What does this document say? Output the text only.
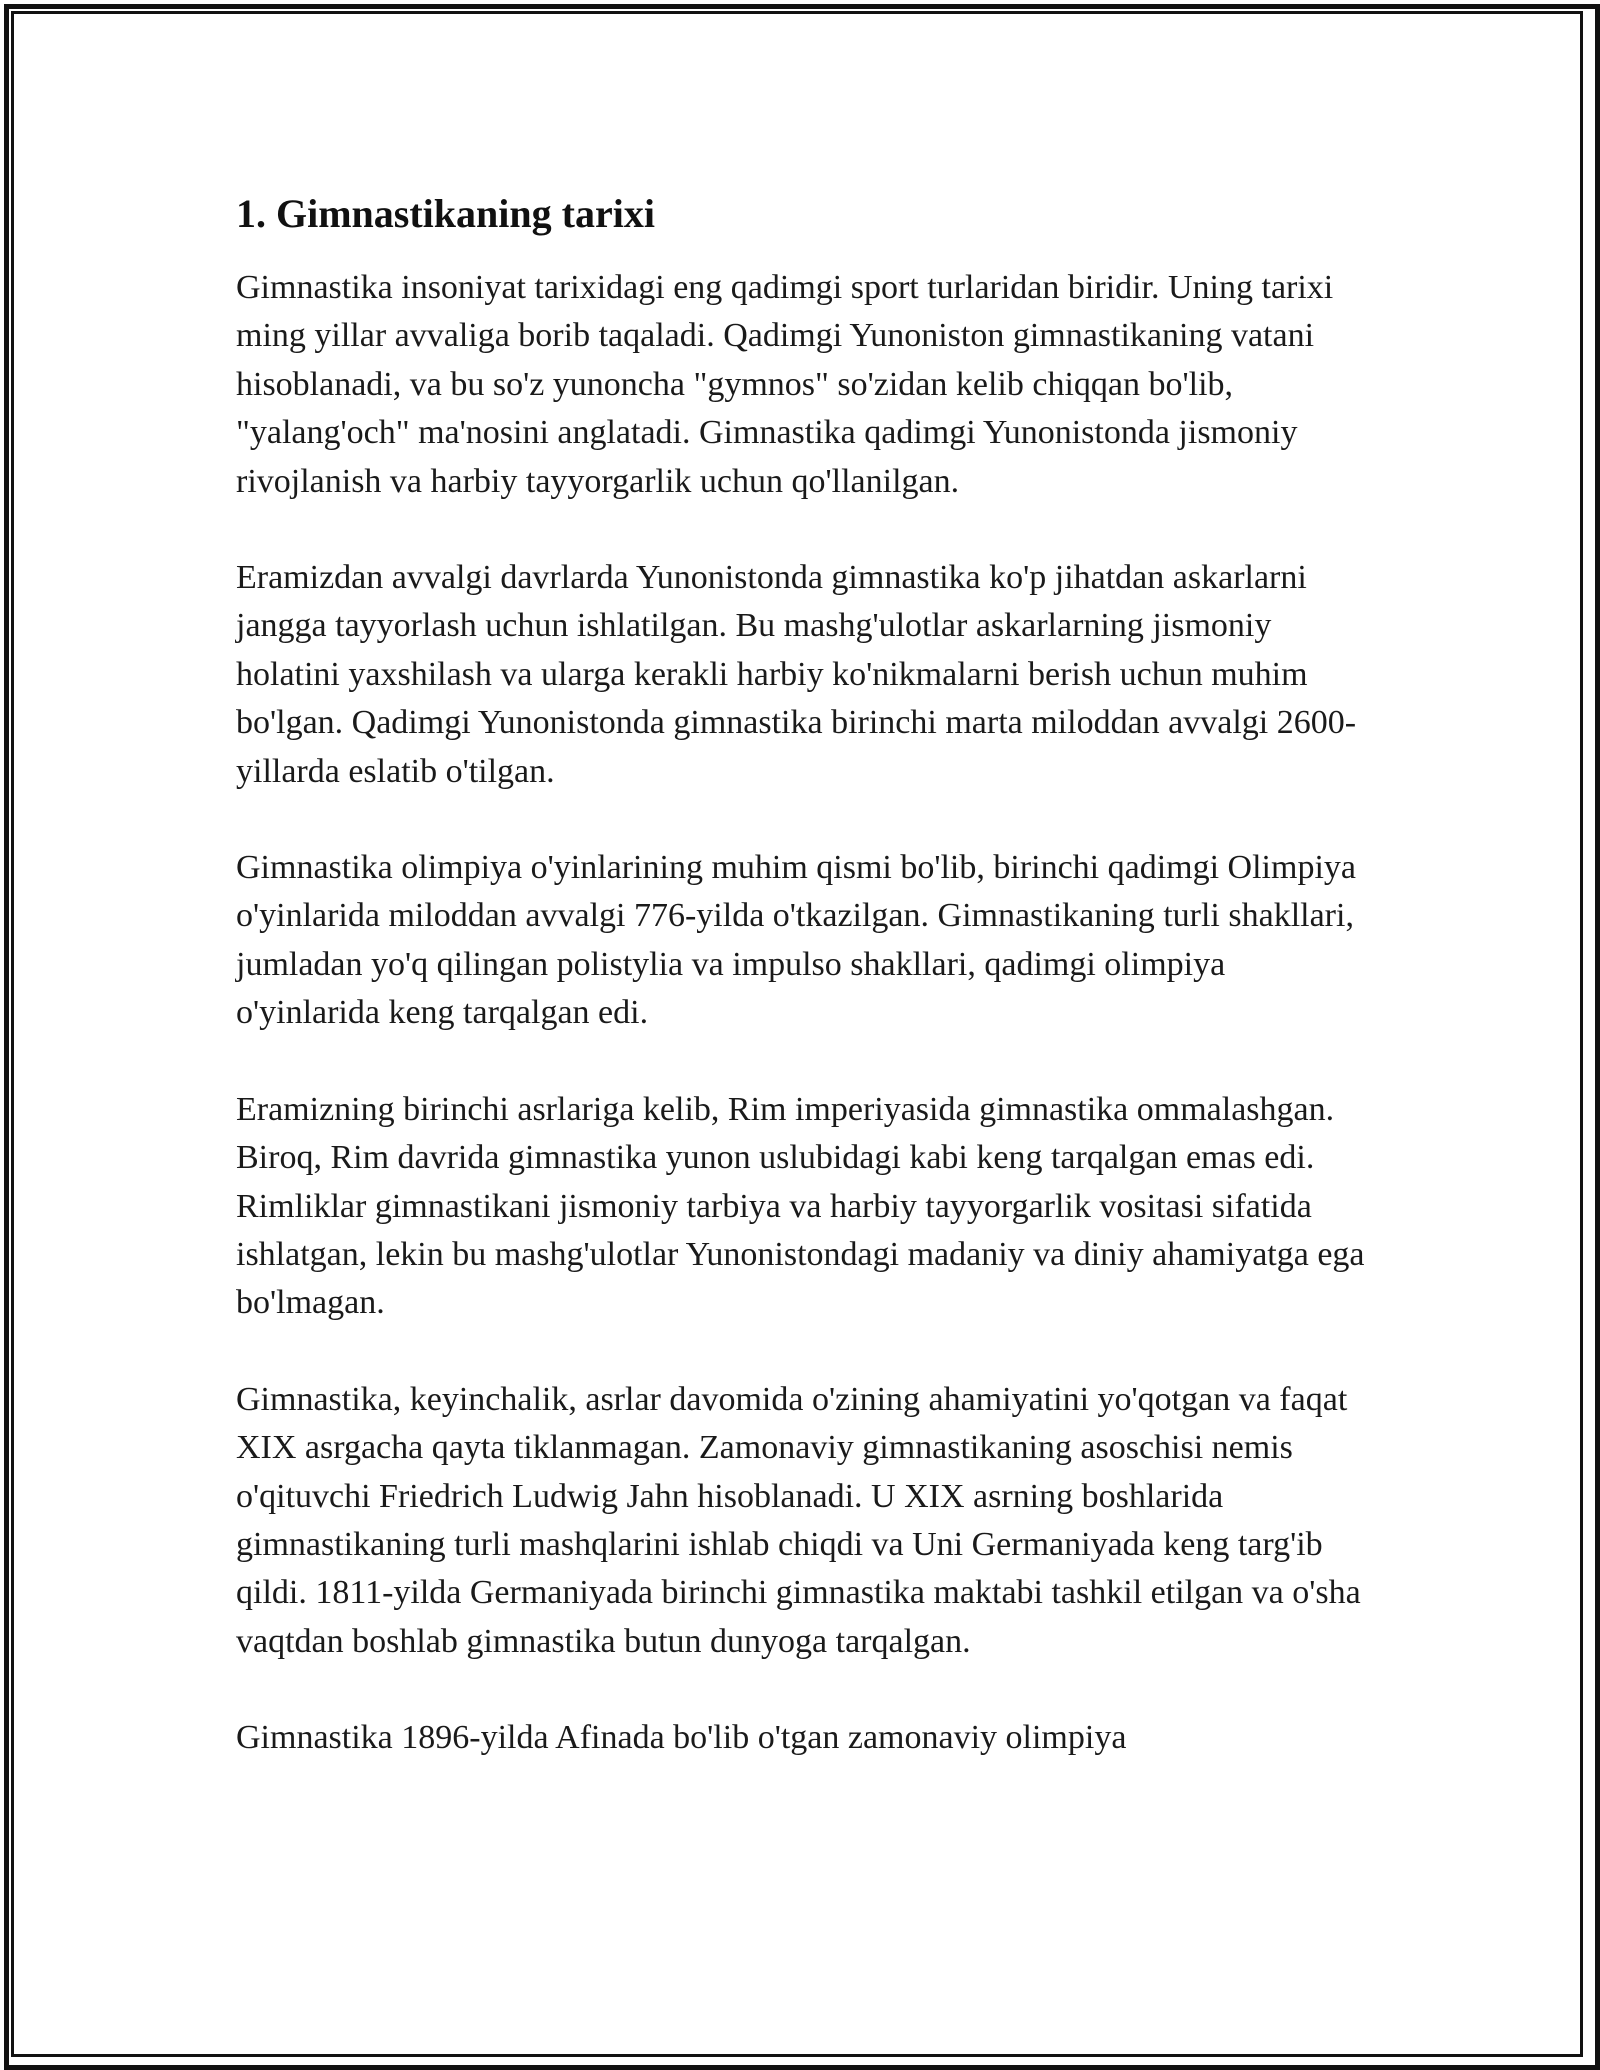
1. Gimnastikaning tarixi

Gimnastika insoniyat tarixidagi eng qadimgi sport turlaridan biridir. Uning tarixi ming yillar avvaliga borib taqaladi. Qadimgi Yunoniston gimnastikaning vatani hisoblanadi, va bu so'z yunoncha "gymnos" so'zidan kelib chiqqan bo'lib, "yalang'och" ma'nosini anglatadi. Gimnastika qadimgi Yunonistonda jismoniy rivojlanish va harbiy tayyorgarlik uchun qo'llanilgan.

Eramizdan avvalgi davrlarda Yunonistonda gimnastika ko'p jihatdan askarlarni jangga tayyorlash uchun ishlatilgan. Bu mashg'ulotlar askarlarning jismoniy holatini yaxshilash va ularga kerakli harbiy ko'nikmalarni berish uchun muhim bo'lgan. Qadimgi Yunonistonda gimnastika birinchi marta miloddan avvalgi 2600-yillarda eslatib o'tilgan.

Gimnastika olimpiya o'yinlarining muhim qismi bo'lib, birinchi qadimgi Olimpiya o'yinlarida miloddan avvalgi 776-yilda o'tkazilgan. Gimnastikaning turli shakllari, jumladan yo'q qilingan polistylia va impulso shakllari, qadimgi olimpiya o'yinlarida keng tarqalgan edi.

Eramizning birinchi asrlariga kelib, Rim imperiyasida gimnastika ommalashgan. Biroq, Rim davrida gimnastika yunon uslubidagi kabi keng tarqalgan emas edi. Rimliklar gimnastikani jismoniy tarbiya va harbiy tayyorgarlik vositasi sifatida ishlatgan, lekin bu mashg'ulotlar Yunonistondagi madaniy va diniy ahamiyatga ega bo'lmagan.

Gimnastika, keyinchalik, asrlar davomida o'zining ahamiyatini yo'qotgan va faqat XIX asrgacha qayta tiklanmagan. Zamonaviy gimnastikaning asoschisi nemis o'qituvchi Friedrich Ludwig Jahn hisoblanadi. U XIX asrning boshlarida gimnastikaning turli mashqlarini ishlab chiqdi va Uni Germaniyada keng targ'ib qildi. 1811-yilda Germaniyada birinchi gimnastika maktabi tashkil etilgan va o'sha vaqtdan boshlab gimnastika butun dunyoga tarqalgan.

Gimnastika 1896-yilda Afinada bo'lib o'tgan zamonaviy olimpiya
